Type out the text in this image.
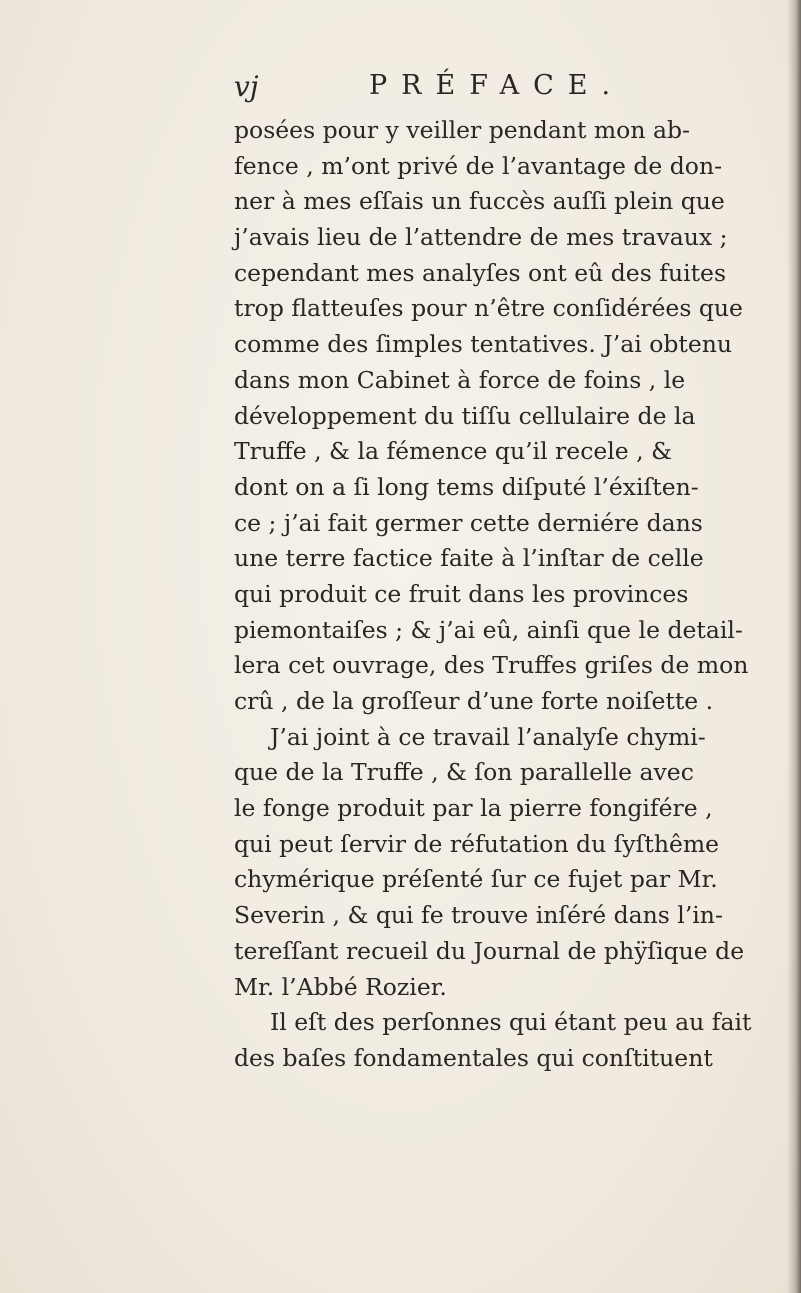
vj	PRÉFACE.
posées pour y veiller pendant mon ab-
fence , m’ont privé de l’avantage de don-
ner à mes eſſais un fuccès auſſi plein que
j’avais lieu de l’attendre de mes travaux ;
cependant mes analyſes ont eû des fuites
trop flatteuſes pour n’être conſidérées que
comme des ſimples tentatives. J’ai obtenu
dans mon Cabinet à force de foins , le
développement du tiſſu cellulaire de la
Truffe , & la fémence qu’il recele , &
dont on a ſi long tems diſputé l’éxiſten-
ce ; j’ai fait germer cette derniére dans
une terre factice faite à l’inſtar de celle
qui produit ce fruit dans les provinces
piemontaiſes ; & j’ai eû, ainſi que le detail-
lera cet ouvrage, des Truffes griſes de mon
crû , de la groſſeur d’une forte noiſette .
J’ai joint à ce travail l’analyſe chymi-
que de la Truffe , & ſon parallelle avec
le fonge produit par la pierre fongifére ,
qui peut ſervir de réfutation du ſyſthême
chymérique préſenté ſur ce fujet par Mr.
Severin , & qui fe trouve inſéré dans l’in-
tereſſant recueil du Journal de phÿſique de
Mr. l’Abbé Rozier.
Il eſt des perſonnes qui étant peu au fait
des baſes fondamentales qui conſtituent
